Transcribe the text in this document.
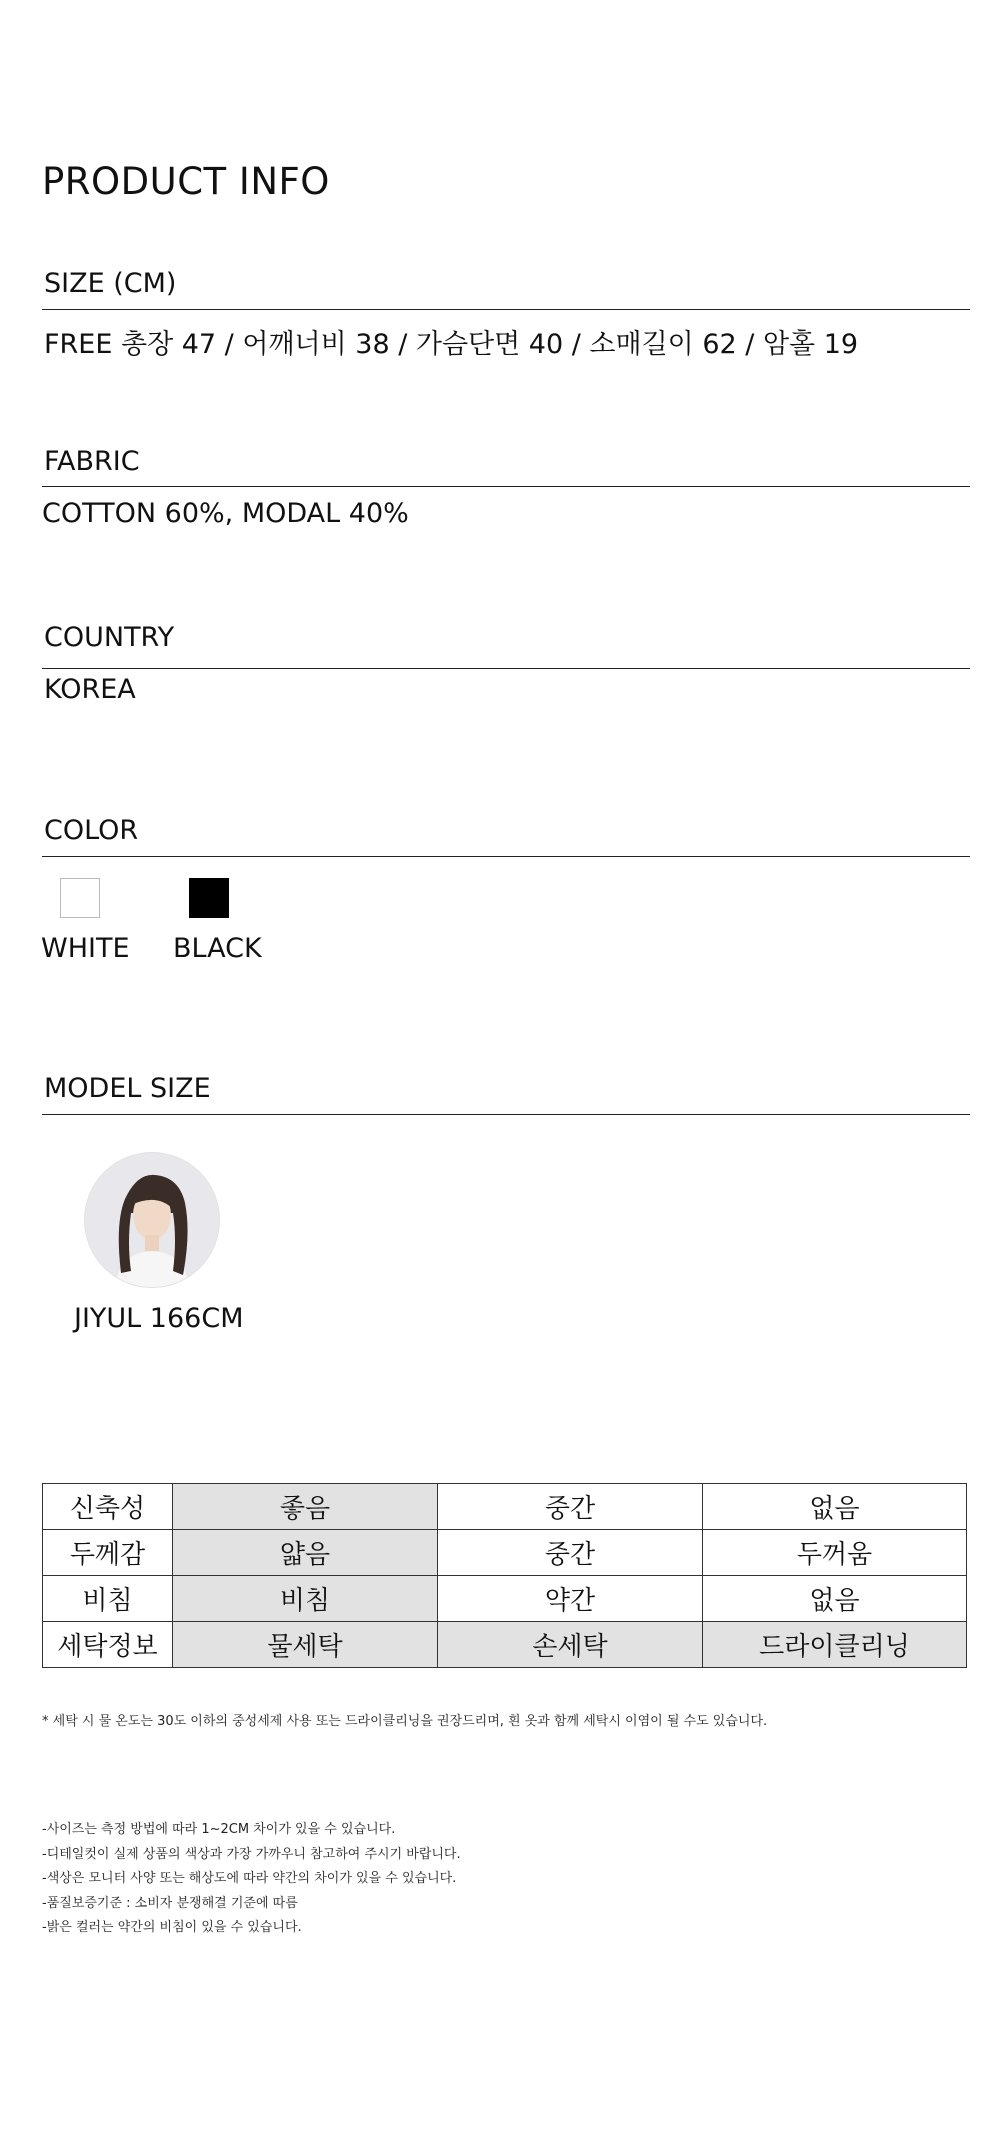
PRODUCT INFO
SIZE (CM)
FREE 총장 47 / 어깨너비 38 / 가슴단면 40 / 소매길이 62 / 암홀 19
FABRIC
COTTON 60%, MODAL 40%
COUNTRY
KOREA
COLOR
WHITE BLACK
MODEL SIZE
JIYUL 166CM
신축성	좋음	중간	없음
두께감	얇음	중간	두꺼움
비침	비침	약간	없음
세탁정보	물세탁	손세탁	드라이클리닝
* 세탁 시 물 온도는 30도 이하의 중성세제 사용 또는 드라이클리닝을 권장드리며, 흰 옷과 함께 세탁시 이염이 될 수도 있습니다.
-사이즈는 측정 방법에 따라 1~2CM 차이가 있을 수 있습니다.
-디테일컷이 실제 상품의 색상과 가장 가까우니 참고하여 주시기 바랍니다.
-색상은 모니터 사양 또는 해상도에 따라 약간의 차이가 있을 수 있습니다.
-품질보증기준 : 소비자 분쟁해결 기준에 따름
-밝은 컬러는 약간의 비침이 있을 수 있습니다.
